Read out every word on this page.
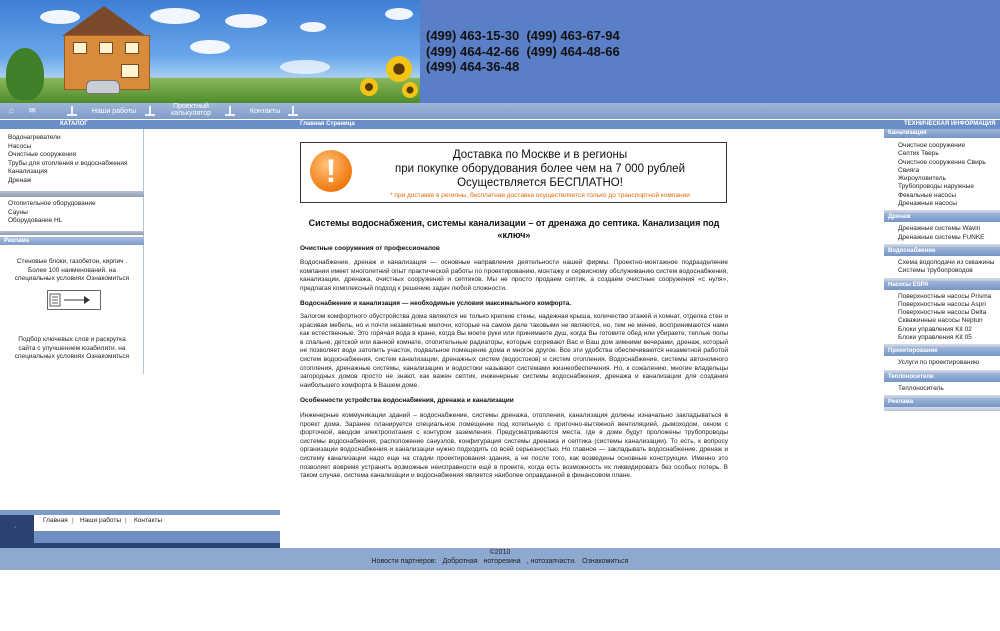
(499) 463-15-30  (499) 463-67-94
(499) 464-42-66  (499) 464-48-66
(499) 464-36-48
⌂ ✉	Наши работы
Проектный калькулятор	Контакты
КАТАЛОГ	Главная Страница	ТЕХНИЧЕСКАЯ ИНФОРМАЦИЯ
Водонагреватели
Насосы
Очистные сооружения
Трубы для отопления и водоснабжения
Канализация
Дренаж
Отопительное оборудование
Сауны
Оборудование HL
Реклама
Стеновые блоки, газобетон, кирпич .
Более 100 наименований. на
специальных условиях Ознакомиться
Подбор ключевых слов и раскрутка
сайта с улучшением юзабилити. на
специальных условиях Ознакомиться
!	Доставка по Москве и в регионы
при покупке оборудования более чем на 7 000 рублей
Осуществляется БЕСПЛАТНО!
* при доставке в регионы, бесплатная доставка осуществляется только до транспортной компании
Системы водоснабжения, системы канализации – от дренажа до септика. Канализация под
«ключ»
Очистные сооружения от профессионалов
Водоснабжение, дренаж и канализация — основные направления деятельности нашей фирмы. Проектно-монтажное подразделение компании имеет многолетний опыт практической работы по проектированию, монтажу и сервисному обслуживанию систем водоснабжения, канализации, дренажа, очистных сооружений и септиков. Мы не просто продаем септик, а создаем очистные сооружения «с нуля», предлагая комплексный подход к решению задач любой сложности.
Водоснабжение и канализация — необходимые условия максимального комфорта.
Залогом комфортного обустройства дома являются не только крепкие стены, надежная крыша, количество этажей и комнат, отделка стен и красивая мебель, но и почти незаметные мелочи, которые на самом деле таковыми не являются, но, тем не менее, воспринимаются нами как естественные. Это горячая вода в кране, когда Вы моете руки или принимаете душ, когда Вы готовите обед или убираете, теплые полы в спальне, детской или ванной комнате, отопительные радиаторы, которые согревают Вас и Ваш дом зимними вечерами, дренаж, который не позволяет воде затопить участок, подвальное помещение дома и многое другое. Все эти удобства обеспечиваются незаметной работой систем водоснабжения, систем канализации, дренажных систем (водостоков) и систем отопления. Водоснабжение, системы автономного отопления, дренажные системы, канализацию и водостоки называют системами жизнеобеспечения. Но, к сожалению, многие владельцы загородных домов просто не знают, как важен септик, инженерные системы водоснабжения, дренажа и канализации для создания наибольшего комфорта в Вашем доме.
Особенности устройства водоснабжения, дренажа и канализации
Инженерные коммуникации зданий – водоснабжение, системы дренажа, отопления, канализация должны изначально закладываться в проект дома. Заранее планируется специальное помещение под котельную с приточно-вытяжной вентиляцией, дымоходом, окном с форточкой, вводом электропитания с контуром заземления. Предусматриваются места, где в доме будут проложены трубопроводы системы водоснабжения, расположение санузлов, конфигурация системы дренажа и септика (системы канализации). То есть, к вопросу организации водоснабжения и канализации нужно подходить со всей серьезностью. Но главное — закладывать водоснабжение, дренаж и систему канализации надо еще на стадии проектирования здания, а не после того, как возведены основные конструкции. Именно это позволяет вовремя устранить возможные неисправности ещё в проекте, когда есть возможность их ликвидировать без особых потерь. В таком случае, система канализации и водоснабжения является наиболее оправданной в финансовом плане.
Канализация
Очистное сооружение
Септик Тверь
Очистное сооружение Свирь
Свияга
Жироуловитель
Трубопроводы наружные
Фекальные насосы
Дренажные насосы
Дренаж
Дренажные системы Wavin
Дренажные системы FUNKE
Водоснабжение
Схема водоподачи из скважины
Системы трубопроводов
Насосы ESPA
Поверхностные насосы Prisma
Поверхностные насосы Aspri
Поверхностные насосы Delta
Скважинные насосы Neptun
Блоки управления Kit 02
Блоки управления Kit 05
Проектирование
Услуги по проектированию
Теплоносители
Теплоноситель
Реклама
·
Главная | Наши работы | Контакты
©2010
Новости партнеров: Добротная ноторезина , нотозапчасти. Ознакомиться
